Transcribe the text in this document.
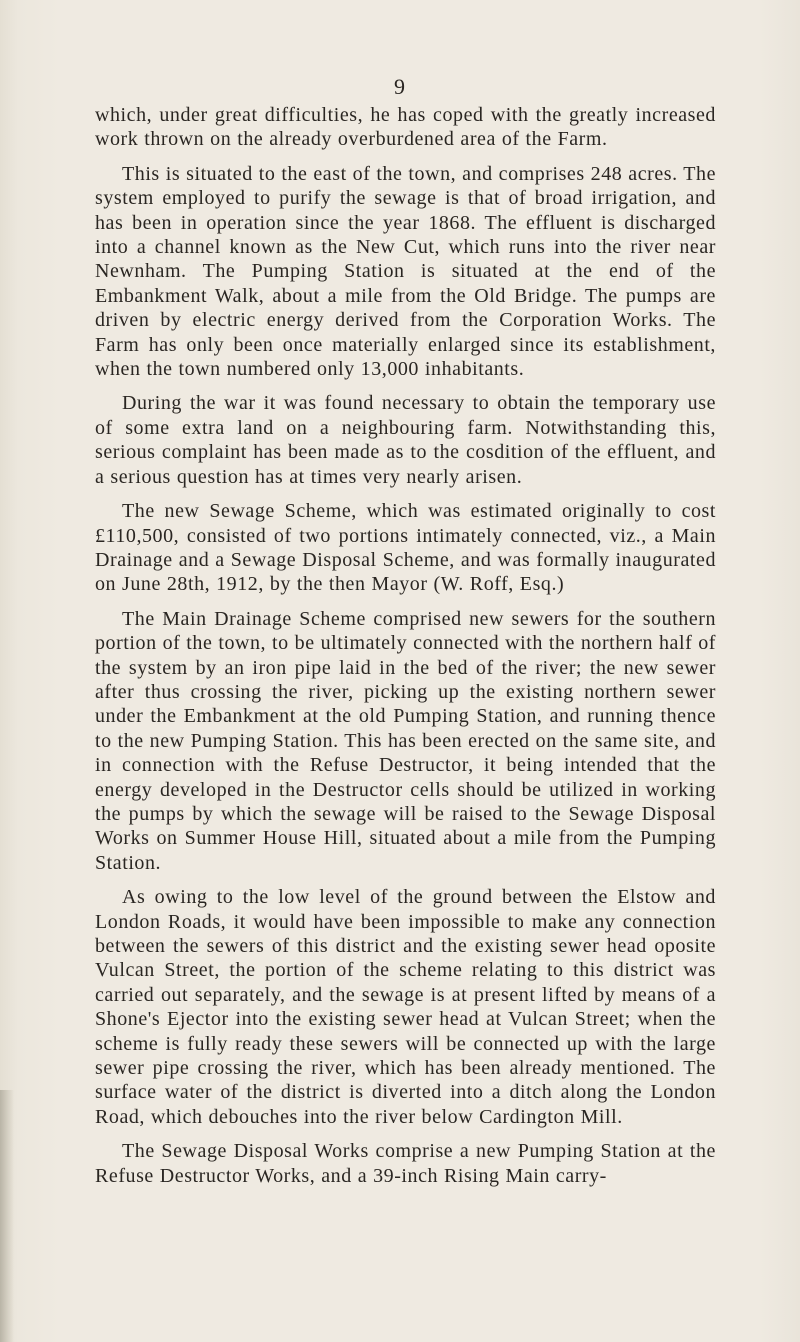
9

which, under great difficulties, he has coped with the greatly increased work thrown on the already overburdened area of the Farm.

This is situated to the east of the town, and comprises 248 acres. The system employed to purify the sewage is that of broad irrigation, and has been in operation since the year 1868. The effluent is discharged into a channel known as the New Cut, which runs into the river near Newnham. The Pumping Station is situated at the end of the Embankment Walk, about a mile from the Old Bridge. The pumps are driven by electric energy derived from the Corporation Works. The Farm has only been once materially enlarged since its establishment, when the town numbered only 13,000 inhabitants.

During the war it was found necessary to obtain the temporary use of some extra land on a neighbouring farm. Notwithstanding this, serious complaint has been made as to the cosdition of the effluent, and a serious question has at times very nearly arisen.

The new Sewage Scheme, which was estimated originally to cost £110,500, consisted of two portions intimately connected, viz., a Main Drainage and a Sewage Disposal Scheme, and was formally inaugurated on June 28th, 1912, by the then Mayor (W. Roff, Esq.)

The Main Drainage Scheme comprised new sewers for the southern portion of the town, to be ultimately connected with the northern half of the system by an iron pipe laid in the bed of the river; the new sewer after thus crossing the river, picking up the existing northern sewer under the Embankment at the old Pumping Station, and running thence to the new Pumping Station. This has been erected on the same site, and in connection with the Refuse Destructor, it being intended that the energy developed in the Destructor cells should be utilized in working the pumps by which the sewage will be raised to the Sewage Disposal Works on Summer House Hill, situated about a mile from the Pumping Station.

As owing to the low level of the ground between the Elstow and London Roads, it would have been impossible to make any connection between the sewers of this district and the existing sewer head oposite Vulcan Street, the portion of the scheme relating to this district was carried out separately, and the sewage is at present lifted by means of a Shone's Ejector into the existing sewer head at Vulcan Street; when the scheme is fully ready these sewers will be connected up with the large sewer pipe crossing the river, which has been already mentioned. The surface water of the district is diverted into a ditch along the London Road, which debouches into the river below Cardington Mill.

The Sewage Disposal Works comprise a new Pumping Station at the Refuse Destructor Works, and a 39-inch Rising Main carry-
